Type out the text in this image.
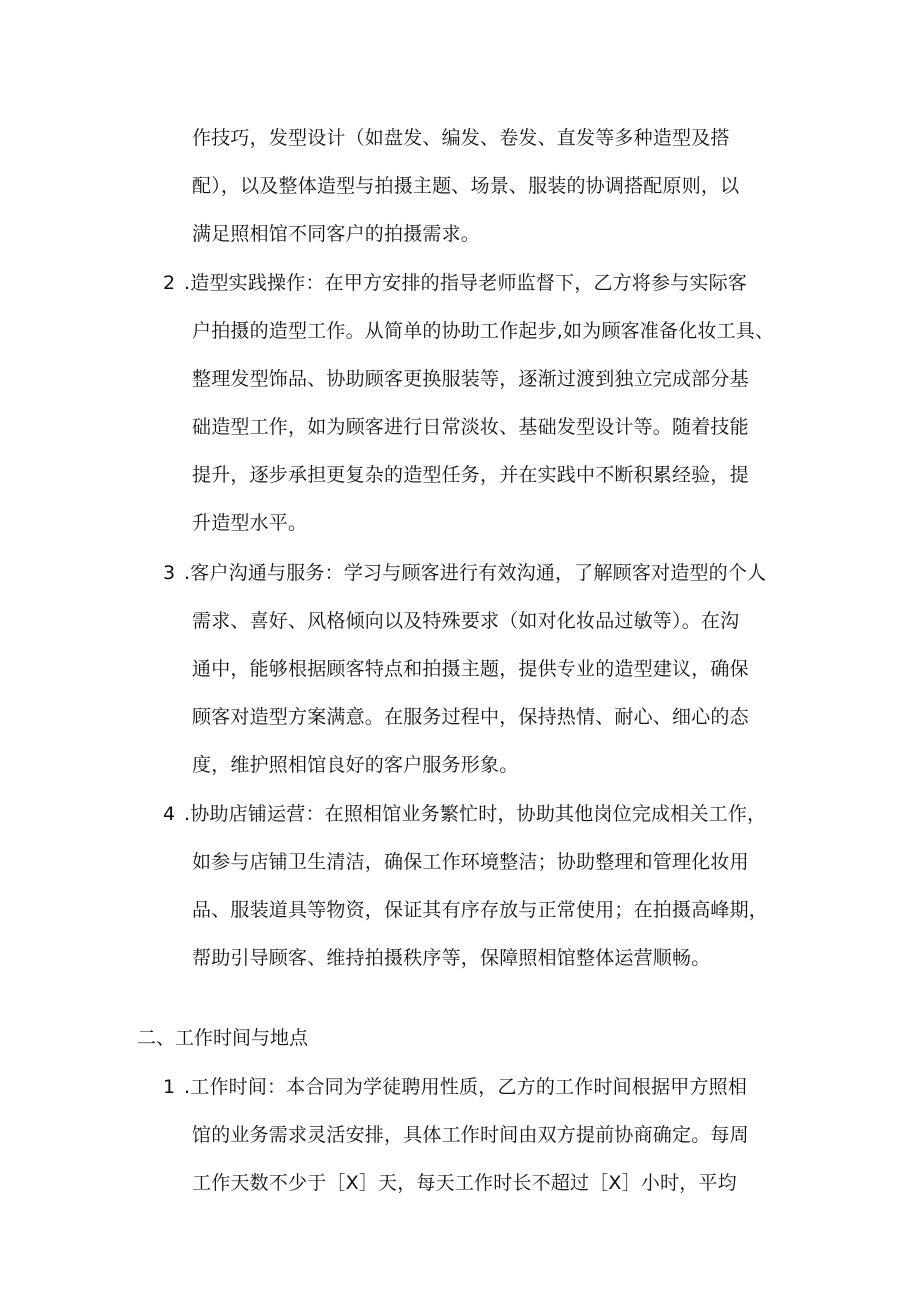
作技巧，发型设计（如盘发、编发、卷发、直发等多种造型及搭
配），以及整体造型与拍摄主题、场景、服装的协调搭配原则，以
满足照相馆不同客户的拍摄需求。
2 .造型实践操作：在甲方安排的指导老师监督下，乙方将参与实际客
户拍摄的造型工作。从简单的协助工作起步,如为顾客准备化妆工具、
整理发型饰品、协助顾客更换服装等，逐渐过渡到独立完成部分基
础造型工作，如为顾客进行日常淡妆、基础发型设计等。随着技能
提升，逐步承担更复杂的造型任务，并在实践中不断积累经验，提
升造型水平。
3 .客户沟通与服务：学习与顾客进行有效沟通，了解顾客对造型的个人
需求、喜好、风格倾向以及特殊要求（如对化妆品过敏等）。在沟
通中，能够根据顾客特点和拍摄主题，提供专业的造型建议，确保
顾客对造型方案满意。在服务过程中，保持热情、耐心、细心的态
度，维护照相馆良好的客户服务形象。
4 .协助店铺运营：在照相馆业务繁忙时，协助其他岗位完成相关工作，
如参与店铺卫生清洁，确保工作环境整洁；协助整理和管理化妆用
品、服装道具等物资，保证其有序存放与正常使用；在拍摄高峰期，
帮助引导顾客、维持拍摄秩序等，保障照相馆整体运营顺畅。
二、工作时间与地点
1 .工作时间：本合同为学徒聘用性质，乙方的工作时间根据甲方照相
馆的业务需求灵活安排，具体工作时间由双方提前协商确定。每周
工作天数不少于［X］天，每天工作时长不超过［X］小时，平均
